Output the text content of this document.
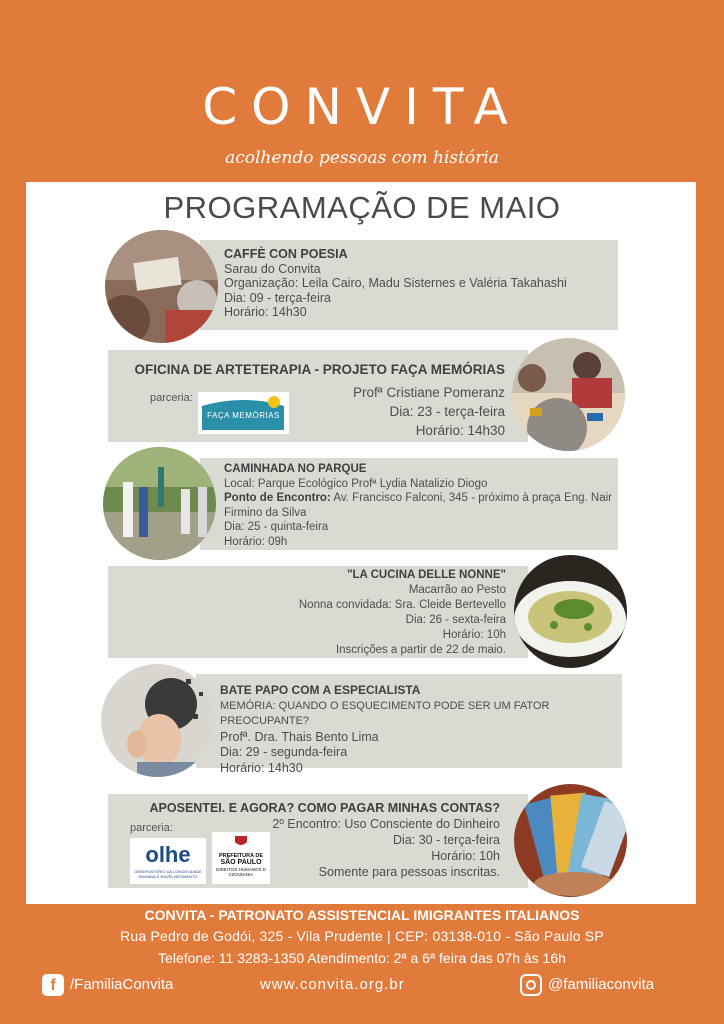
CONVITA
acolhendo pessoas com história
PROGRAMAÇÃO DE MAIO
CAFFÈ CON POESIA
Sarau do Convita
Organização: Leila Cairo, Madu Sisternes e Valéria Takahashi
Dia: 09 - terça-feira
Horário: 14h30
OFICINA DE ARTETERAPIA - PROJETO FAÇA MEMÓRIAS
Profª Cristiane Pomeranz
Dia: 23 - terça-feira
Horário: 14h30
parceria:
FAÇA MEMÓRIAS
CAMINHADA NO PARQUE
Local: Parque Ecológico Profª Lydia Natalizio Diogo
Ponto de Encontro: Av. Francisco Falconi, 345 - próximo à praça Eng. Nair Firmino da Silva
Dia: 25 - quinta-feira
Horário: 09h
"LA CUCINA DELLE NONNE"
Macarrão ao Pesto
Nonna convidada: Sra. Cleide Bertevello
Dia: 26 - sexta-feira
Horário: 10h
Inscrições a partir de 22 de maio.
BATE PAPO COM A ESPECIALISTA
MEMÓRIA: QUANDO O ESQUECIMENTO PODE SER UM FATOR PREOCUPANTE?
Profª. Dra. Thais Bento Lima
Dia: 29 - segunda-feira
Horário: 14h30
APOSENTEI. E AGORA? COMO PAGAR MINHAS CONTAS?
2º Encontro: Uso Consciente do Dinheiro
Dia: 30 - terça-feira
Horário: 10h
Somente para pessoas inscritas.
parceria:
olhe
OBSERVATÓRIO DA LONGEVIDADE HUMANA E ENVELHECIMENTO
PREFEITURA DE
SÃO PAULO
DIREITOS HUMANOS E CIDADANIA
CONVITA - PATRONATO ASSISTENCIAL IMIGRANTES ITALIANOS
Rua Pedro de Godói, 325 - Vila Prudente | CEP: 03138-010 - São Paulo SP
Telefone: 11 3283-1350 Atendimento: 2ª a 6ª feira das 07h às 16h
f /FamiliaConvita	www.convita.org.br	@familiaconvita
